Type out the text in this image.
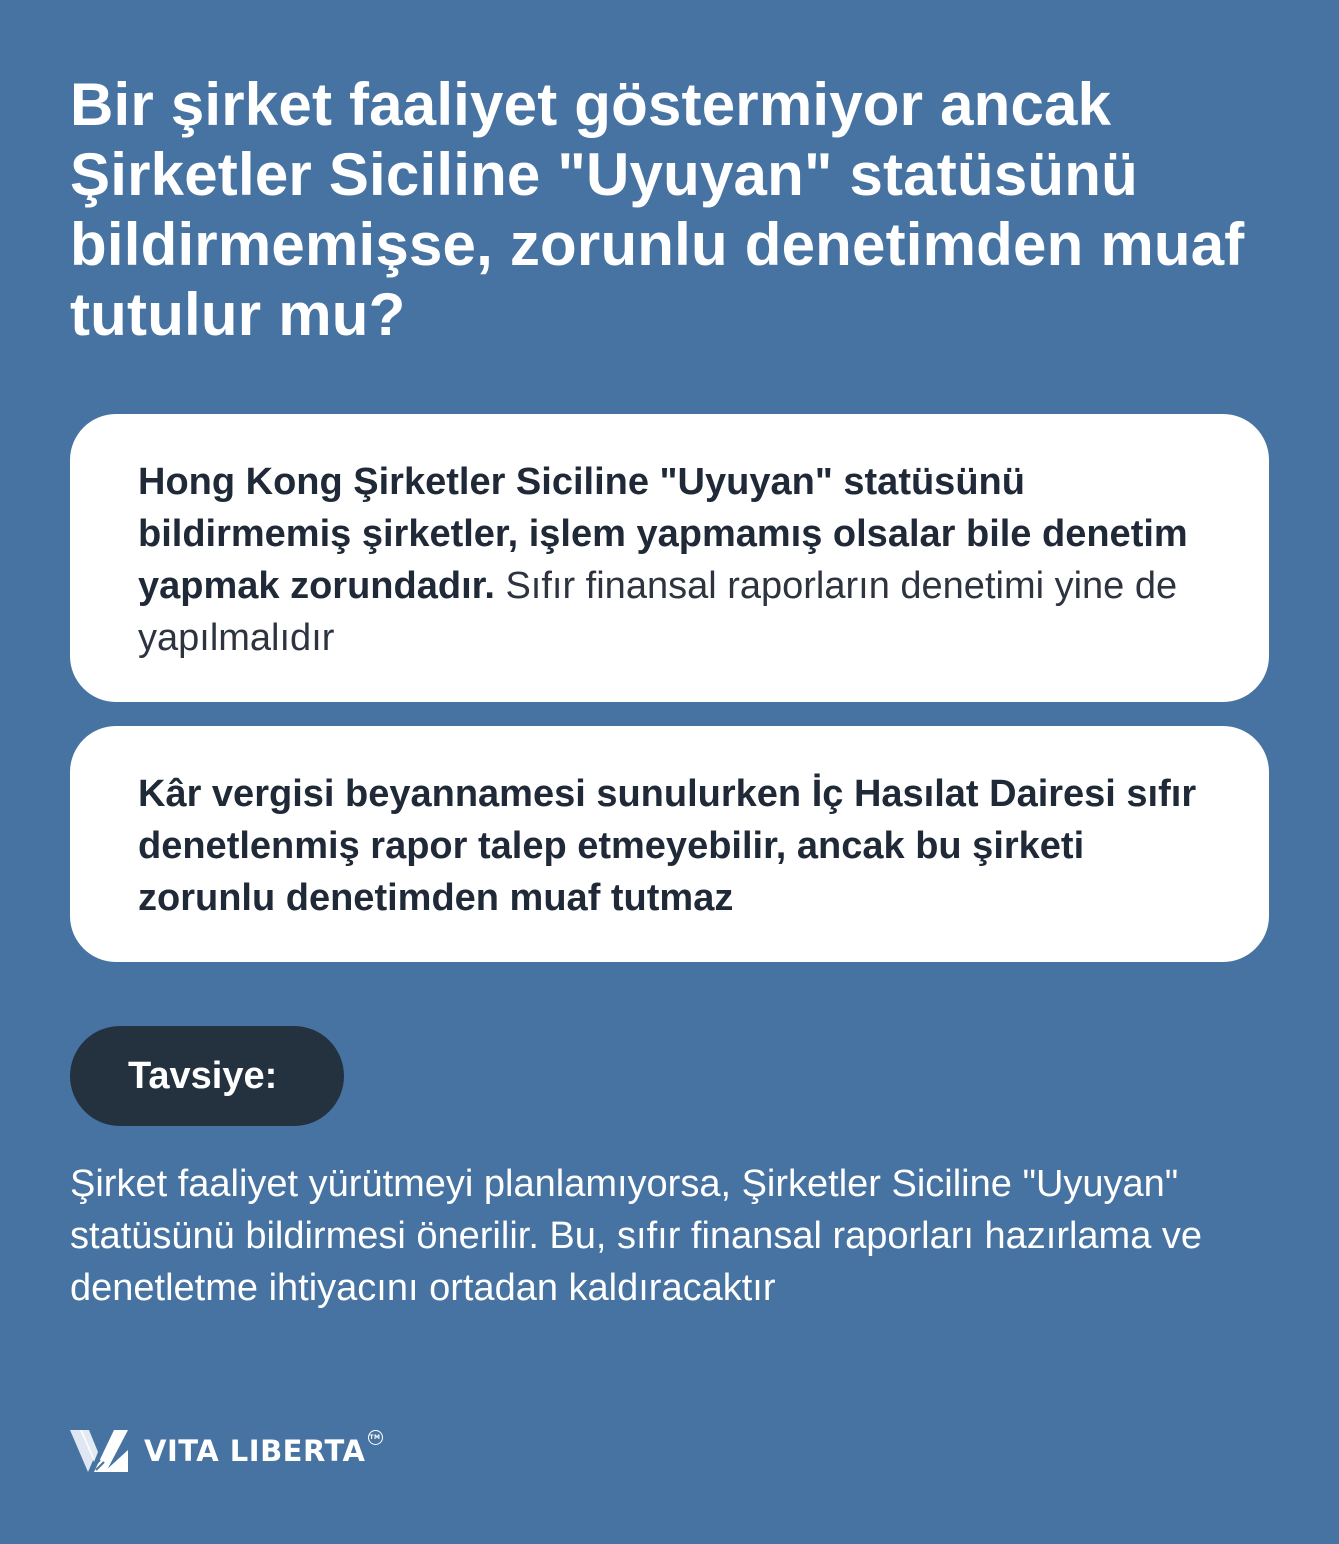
Bir şirket faaliyet göstermiyor ancak Şirketler Siciline "Uyuyan" statüsünü bildirmemişse, zorunlu denetimden muaf tutulur mu?

Hong Kong Şirketler Siciline "Uyuyan" statüsünü bildirmemiş şirketler, işlem yapmamış olsalar bile denetim yapmak zorundadır. Sıfır finansal raporların denetimi yine de yapılmalıdır

Kâr vergisi beyannamesi sunulurken İç Hasılat Dairesi sıfır denetlenmiş rapor talep etmeyebilir, ancak bu şirketi zorunlu denetimden muaf tutmaz

Tavsiye:

Şirket faaliyet yürütmeyi planlamıyorsa, Şirketler Siciline "Uyuyan" statüsünü bildirmesi önerilir. Bu, sıfır finansal raporları hazırlama ve denetletme ihtiyacını ortadan kaldıracaktır

VITA LIBERTA TM
